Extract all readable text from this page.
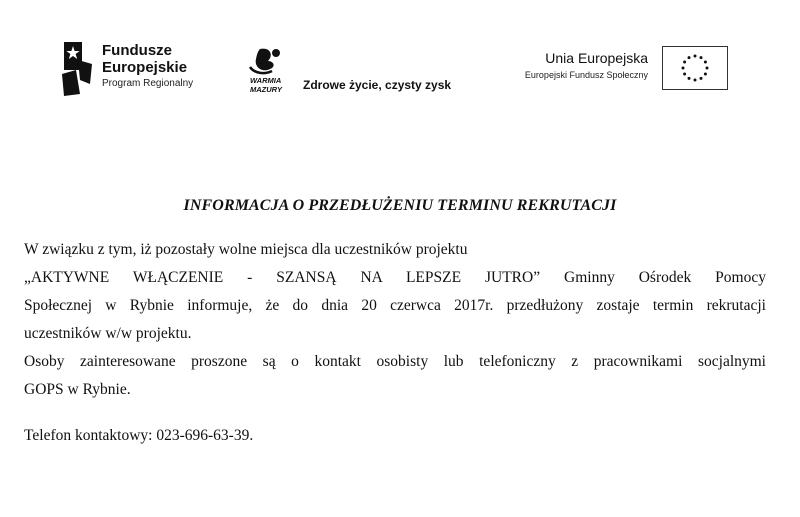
Fundusze
Europejskie
Program Regionalny	WARMIA
MAZURY Zdrowe życie, czysty zysk
Unia Europejska
Europejski Fundusz Społeczny
INFORMACJA O PRZEDŁUŻENIU TERMINU REKRUTACJI
W związku z tym, iż pozostały wolne miejsca dla uczestników projektu
„AKTYWNE WŁĄCZENIE - SZANSĄ NA LEPSZE JUTRO” Gminny Ośrodek Pomocy
Społecznej w Rybnie informuje, że do dnia 20 czerwca 2017r. przedłużony zostaje termin rekrutacji
uczestników w/w projektu.
Osoby zainteresowane proszone są o kontakt osobisty lub telefoniczny z pracownikami socjalnymi
GOPS w Rybnie.
Telefon kontaktowy: 023-696-63-39.
